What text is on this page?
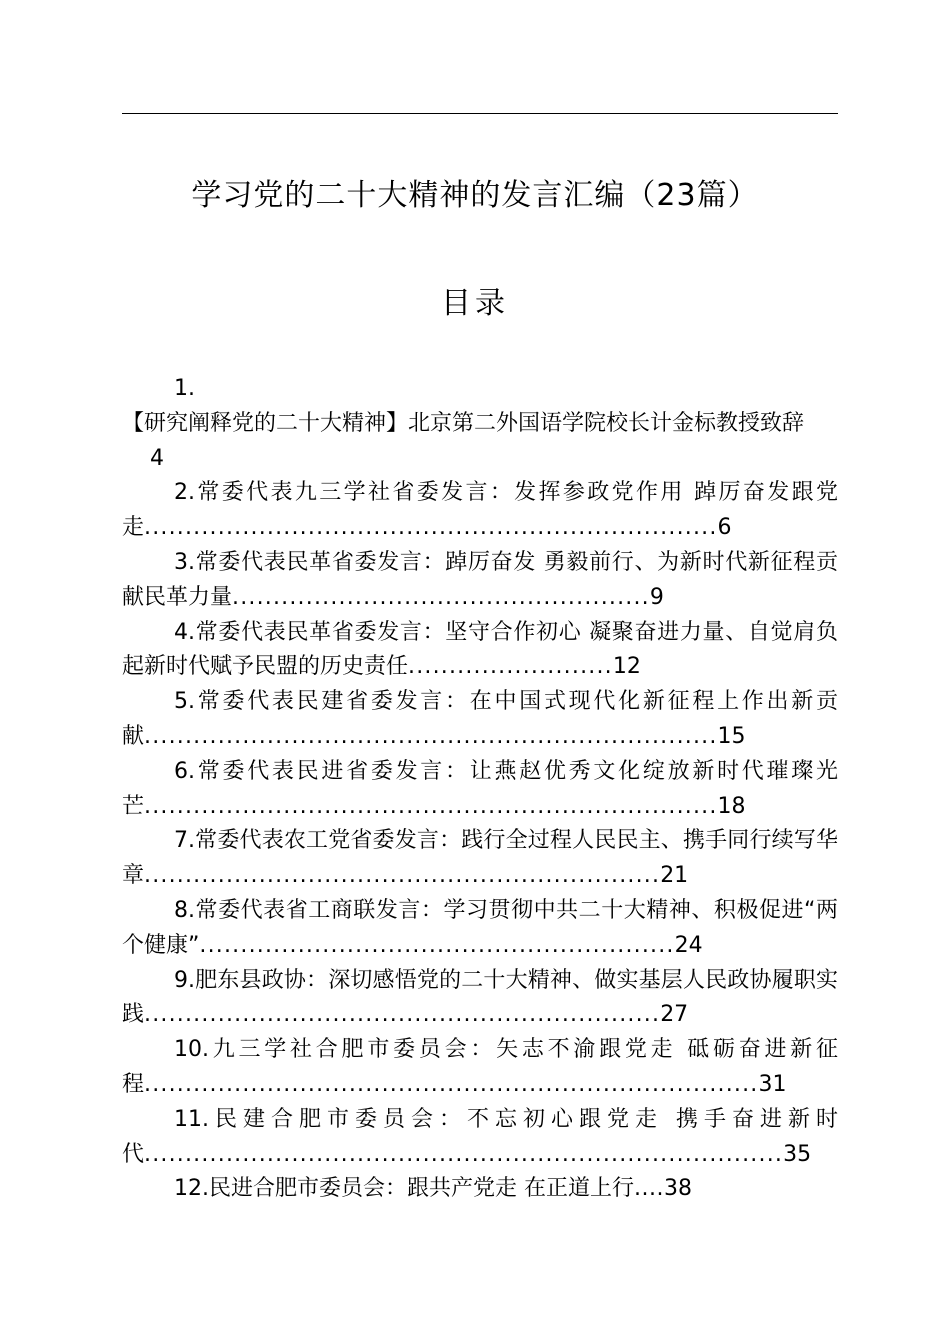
学习党的二十大精神的发言汇编（23篇）
目录

1.
【研究阐释党的二十大精神】北京第二外国语学院校长计金标教授致辞
4

2.常委代表九三学社省委发言：发挥参政党作用 踔厉奋发跟党走......................................................................6

3.常委代表民革省委发言：踔厉奋发 勇毅前行、为新时代新征程贡献民革力量...................................................9

4.常委代表民革省委发言：坚守合作初心 凝聚奋进力量、自觉肩负起新时代赋予民盟的历史责任.........................12

5.常委代表民建省委发言：在中国式现代化新征程上作出新贡献......................................................................15

6.常委代表民进省委发言：让燕赵优秀文化绽放新时代璀璨光芒......................................................................18

7.常委代表农工党省委发言：践行全过程人民民主、携手同行续写华章...............................................................21

8.常委代表省工商联发言：学习贯彻中共二十大精神、积极促进“两个健康”..........................................................24

9.肥东县政协：深切感悟党的二十大精神、做实基层人民政协履职实践...............................................................27

10.九三学社合肥市委员会：矢志不渝跟党走 砥砺奋进新征程...........................................................................31

11.民建合肥市委员会：不忘初心跟党走 携手奋进新时代..............................................................................35

12.民进合肥市委员会：跟共产党走 在正道上行....38
